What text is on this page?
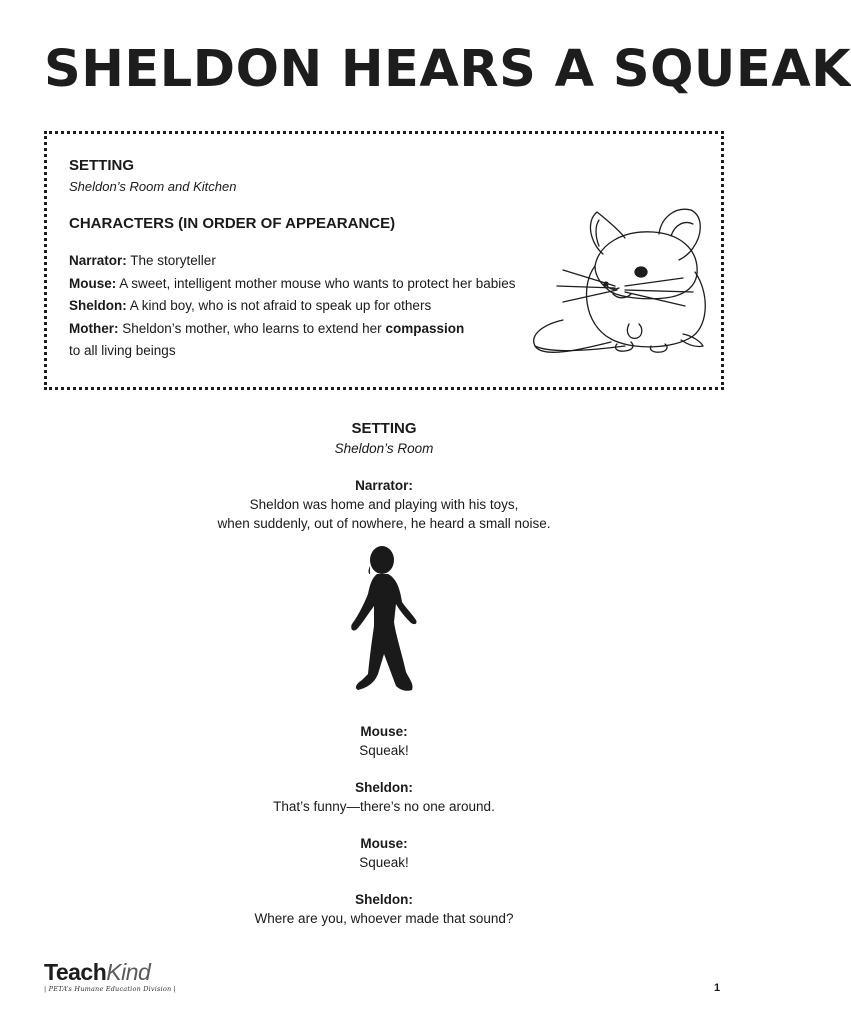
SHELDON HEARS A SQUEAK
SETTING
Sheldon’s Room and Kitchen
CHARACTERS (IN ORDER OF APPEARANCE)
Narrator: The storyteller
Mouse: A sweet, intelligent mother mouse who wants to protect her babies
Sheldon: A kind boy, who is not afraid to speak up for others
Mother: Sheldon’s mother, who learns to extend her compassion
to all living beings
SETTING
Sheldon’s Room
Narrator:
Sheldon was home and playing with his toys,
when suddenly, out of nowhere, he heard a small noise.
Mouse:
Squeak!
Sheldon:
That’s funny—there’s no one around.
Mouse:
Squeak!
Sheldon:
Where are you, whoever made that sound?
TeachKind
| PETA’s Humane Education Division |	1
